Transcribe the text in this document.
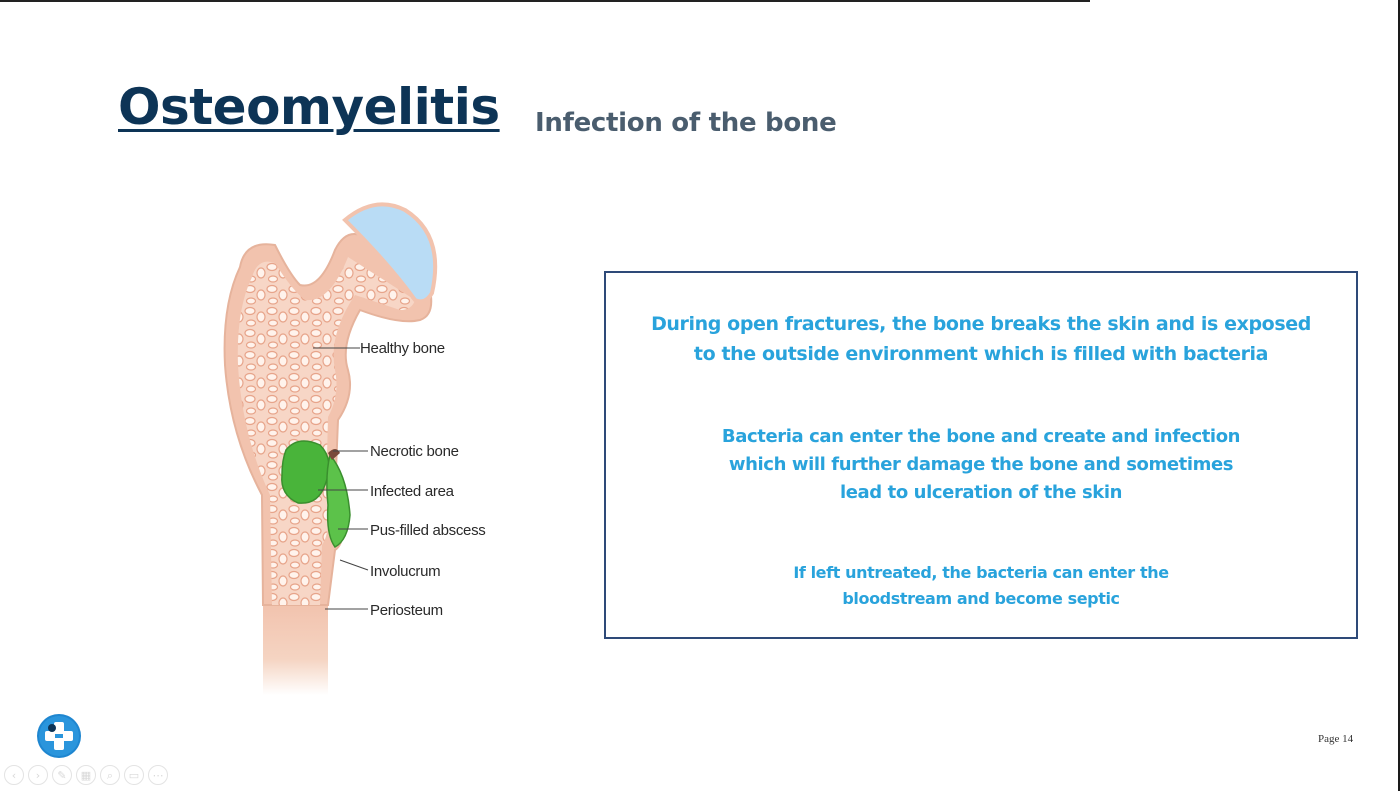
Osteomyelitis Infection of the bone
Healthy bone
Necrotic bone
Infected area
Pus-filled abscess
Involucrum
Periosteum
During open fractures, the bone breaks the skin and is exposed
to the outside environment which is filled with bacteria
Bacteria can enter the bone and create and infection
which will further damage the bone and sometimes
lead to ulceration of the skin
If left untreated, the bacteria can enter the
bloodstream and become septic
Page 14
‹	›	✎	▦	⌕	▭	⋯
